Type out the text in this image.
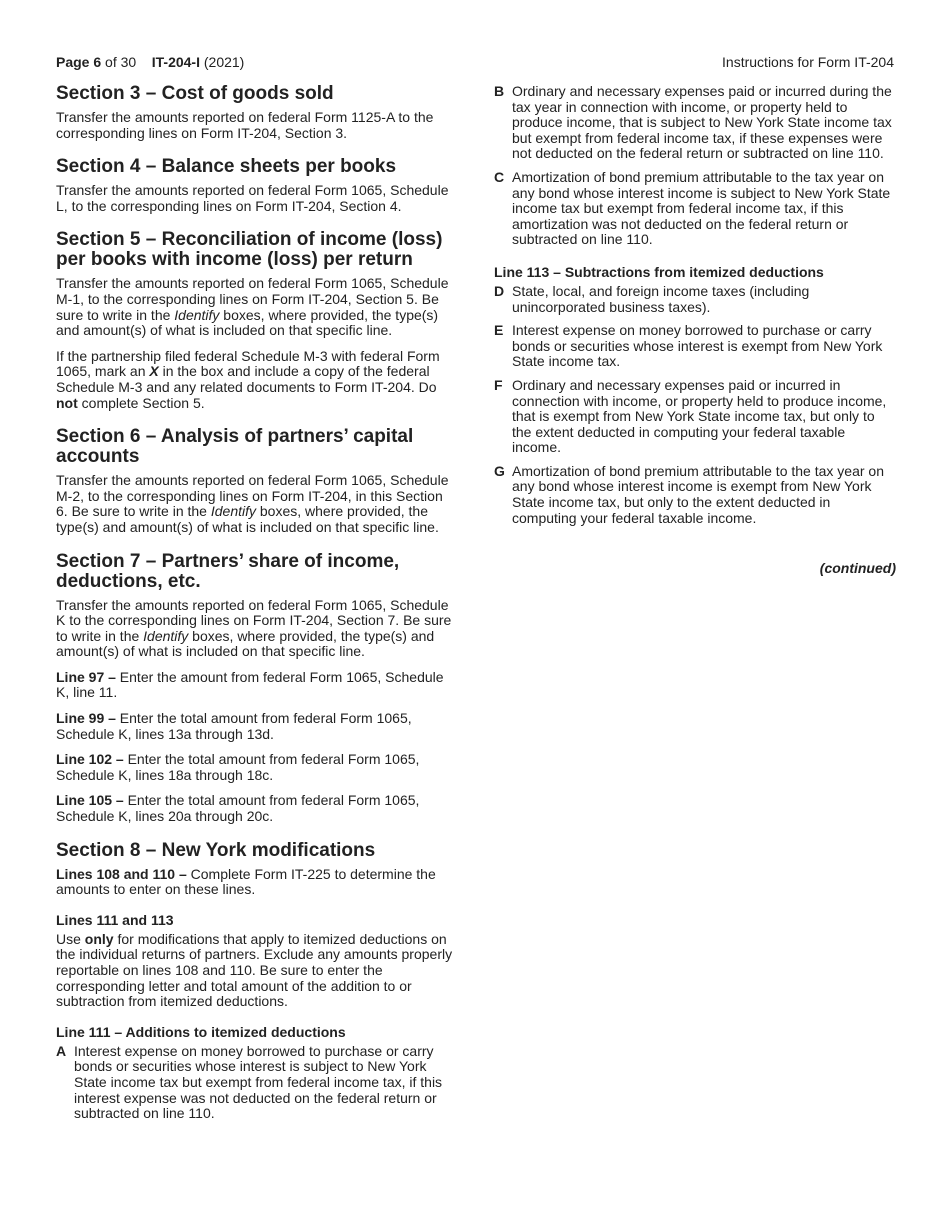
Page 6 of 30 IT-204-I (2021)	Instructions for Form IT-204
Section 3 – Cost of goods sold

Transfer the amounts reported on federal Form 1125-A to the corresponding lines on Form IT-204, Section 3.

Section 4 – Balance sheets per books

Transfer the amounts reported on federal Form 1065, Schedule L, to the corresponding lines on Form IT-204, Section 4.

Section 5 – Reconciliation of income (loss) per books with income (loss) per return

Transfer the amounts reported on federal Form 1065, Schedule M-1, to the corresponding lines on Form IT-204, Section 5. Be sure to write in the Identify boxes, where provided, the type(s) and amount(s) of what is included on that specific line.

If the partnership filed federal Schedule M-3 with federal Form 1065, mark an X in the box and include a copy of the federal Schedule M-3 and any related documents to Form IT-204. Do not complete Section 5.

Section 6 – Analysis of partners’ capital accounts

Transfer the amounts reported on federal Form 1065, Schedule M-2, to the corresponding lines on Form IT-204, in this Section 6. Be sure to write in the Identify boxes, where provided, the type(s) and amount(s) of what is included on that specific line.

Section 7 – Partners’ share of income, deductions, etc.

Transfer the amounts reported on federal Form 1065, Schedule K to the corresponding lines on Form IT-204, Section 7. Be sure to write in the Identify boxes, where provided, the type(s) and amount(s) of what is included on that specific line.

Line 97 – Enter the amount from federal Form 1065, Schedule K, line 11.

Line 99 – Enter the total amount from federal Form 1065, Schedule K, lines 13a through 13d.

Line 102 – Enter the total amount from federal Form 1065, Schedule K, lines 18a through 18c.

Line 105 – Enter the total amount from federal Form 1065, Schedule K, lines 20a through 20c.

Section 8 – New York modifications

Lines 108 and 110 – Complete Form IT-225 to determine the amounts to enter on these lines.

Lines 111 and 113

Use only for modifications that apply to itemized deductions on the individual returns of partners. Exclude any amounts properly reportable on lines 108 and 110. Be sure to enter the corresponding letter and total amount of the addition to or subtraction from itemized deductions.

Line 111 – Additions to itemized deductions
A Interest expense on money borrowed to purchase or carry bonds or securities whose interest is subject to New York State income tax but exempt from federal income tax, if this interest expense was not deducted on the federal return or subtracted on line 110.
B Ordinary and necessary expenses paid or incurred during the tax year in connection with income, or property held to produce income, that is subject to New York State income tax but exempt from federal income tax, if these expenses were not deducted on the federal return or subtracted on line 110.
C Amortization of bond premium attributable to the tax year on any bond whose interest income is subject to New York State income tax but exempt from federal income tax, if this amortization was not deducted on the federal return or subtracted on line 110.
Line 113 – Subtractions from itemized deductions
D State, local, and foreign income taxes (including unincorporated business taxes).
E Interest expense on money borrowed to purchase or carry bonds or securities whose interest is exempt from New York State income tax.
F Ordinary and necessary expenses paid or incurred in connection with income, or property held to produce income, that is exempt from New York State income tax, but only to the extent deducted in computing your federal taxable income.
G Amortization of bond premium attributable to the tax year on any bond whose interest income is exempt from New York State income tax, but only to the extent deducted in computing your federal taxable income.
(continued)
